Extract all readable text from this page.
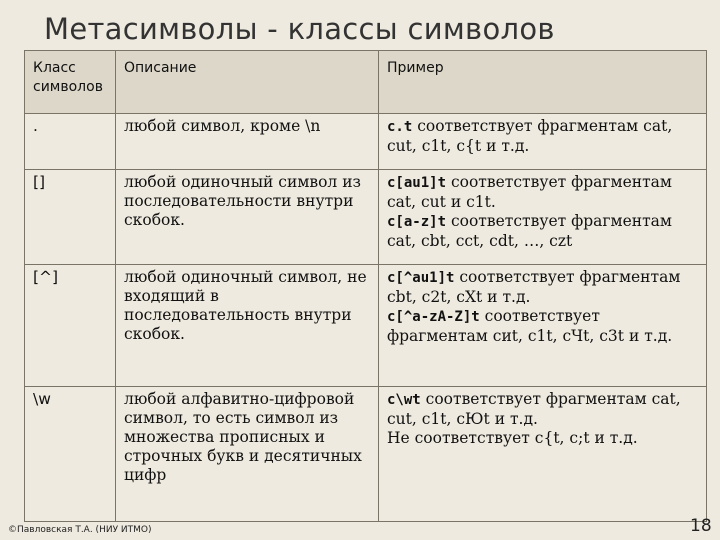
Метасимволы - классы символов
Класс символов	Описание	Пример
.	любой символ, кроме \n	c.t соответствует фрагментам cat, cut, c1t, c{t и т.д.
[]	любой одиночный символ из последовательности внутри скобок.	c[au1]t соответствует фрагментам cat, cut и c1t.
c[a-z]t соответствует фрагментам cat, cbt, cct, cdt, …, czt
[^]	любой одиночный символ, не входящий в последовательность внутри скобок.	c[^au1]t соответствует фрагментам cbt, c2t, cXt и т.д.
c[^a-zA-Z]t соответствует фрагментам сиt, c1t, cЧt, c3t и т.д.
\w	любой алфавитно-цифровой символ, то есть символ из множества прописных и строчных букв и десятичных цифр	c\wt соответствует фрагментам cat, cut, c1t, cЮt и т.д.
Не соответствует c{t, c;t и т.д.
©Павловская Т.А. (НИУ ИТМО)	18
